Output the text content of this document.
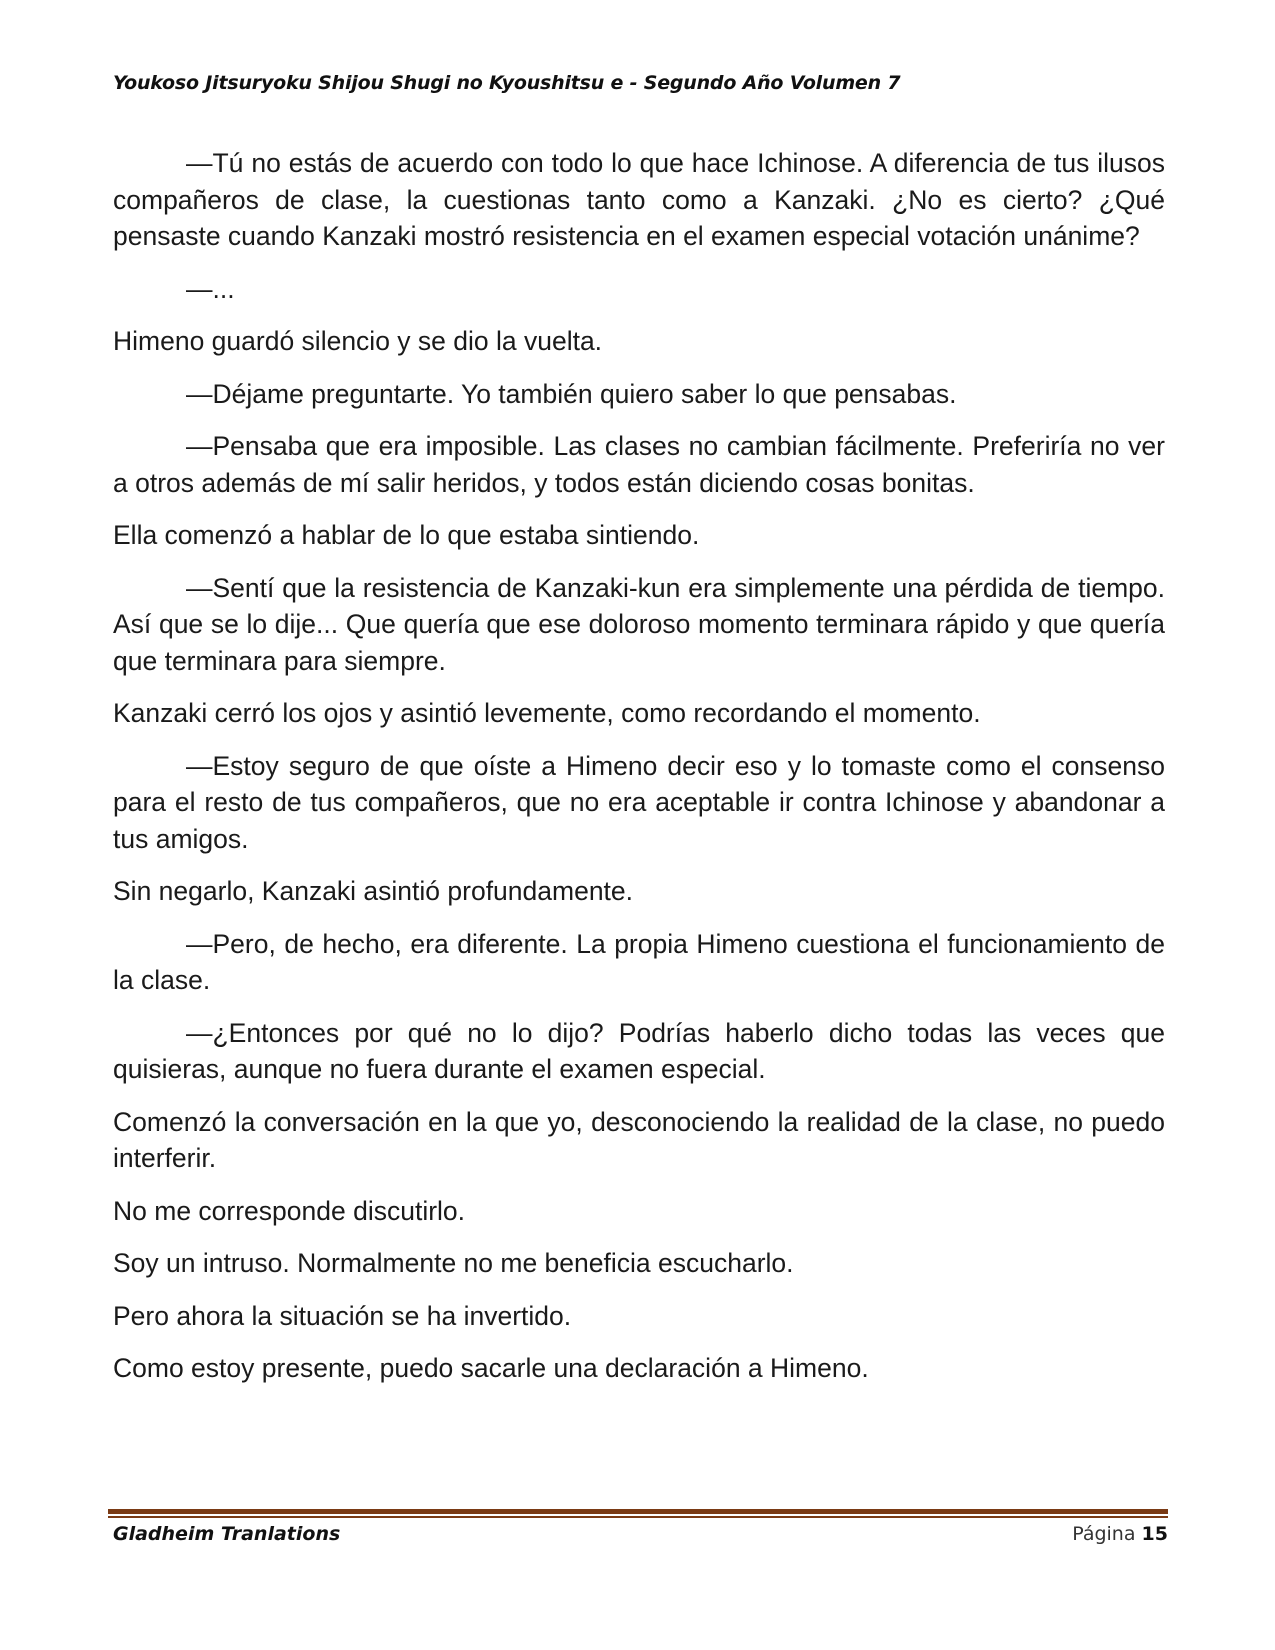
Youkoso Jitsuryoku Shijou Shugi no Kyoushitsu e - Segundo Año Volumen 7

—Tú no estás de acuerdo con todo lo que hace Ichinose. A diferencia de tus ilusos compañeros de clase, la cuestionas tanto como a Kanzaki. ¿No es cierto? ¿Qué pensaste cuando Kanzaki mostró resistencia en el examen especial votación unánime?

—...

Himeno guardó silencio y se dio la vuelta.

—Déjame preguntarte. Yo también quiero saber lo que pensabas.

—Pensaba que era imposible. Las clases no cambian fácilmente. Preferiría no ver a otros además de mí salir heridos, y todos están diciendo cosas bonitas.

Ella comenzó a hablar de lo que estaba sintiendo.

—Sentí que la resistencia de Kanzaki-kun era simplemente una pérdida de tiempo. Así que se lo dije... Que quería que ese doloroso momento terminara rápido y que quería que terminara para siempre.

Kanzaki cerró los ojos y asintió levemente, como recordando el momento.

—Estoy seguro de que oíste a Himeno decir eso y lo tomaste como el consenso para el resto de tus compañeros, que no era aceptable ir contra Ichinose y abandonar a tus amigos.

Sin negarlo, Kanzaki asintió profundamente.

—Pero, de hecho, era diferente. La propia Himeno cuestiona el funcionamiento de la clase.

—¿Entonces por qué no lo dijo? Podrías haberlo dicho todas las veces que quisieras, aunque no fuera durante el examen especial.

Comenzó la conversación en la que yo, desconociendo la realidad de la clase, no puedo interferir.

No me corresponde discutirlo.

Soy un intruso. Normalmente no me beneficia escucharlo.

Pero ahora la situación se ha invertido.

Como estoy presente, puedo sacarle una declaración a Himeno.

Gladheim Tranlations	Página 15
